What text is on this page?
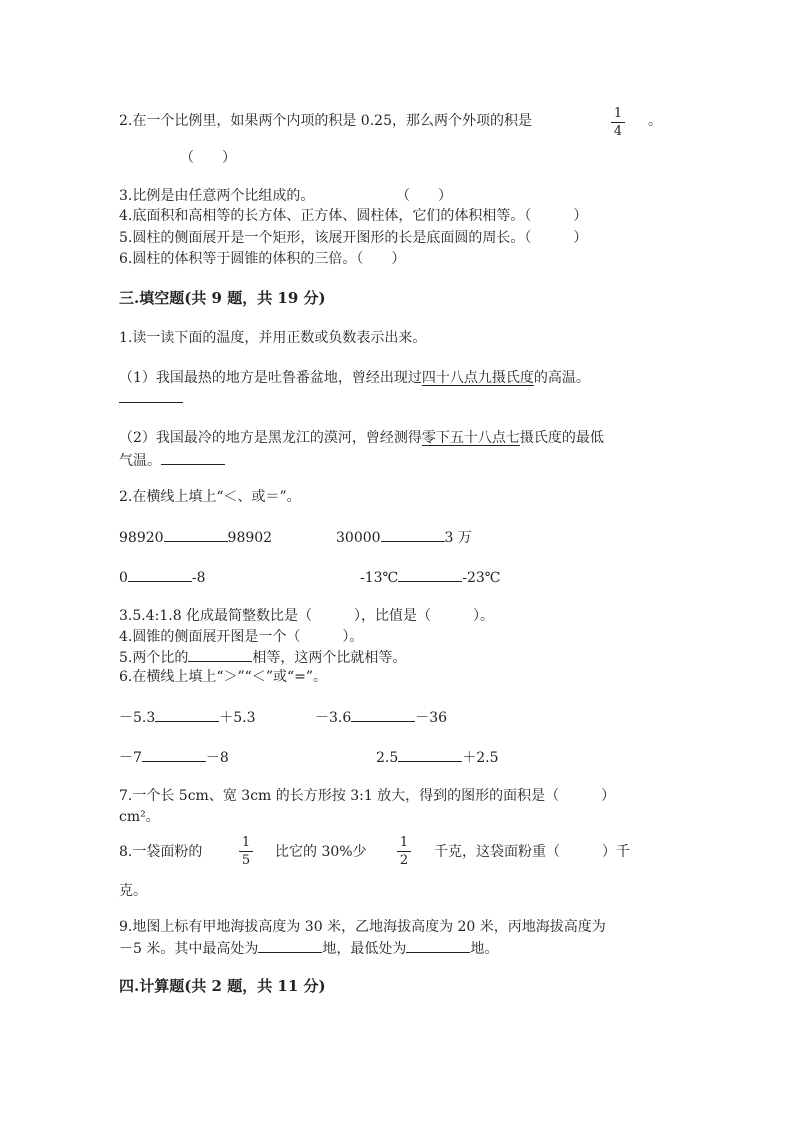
2.在一个比例里，如果两个内项的积是 0.25，那么两个外项的积是	1
4
。
（　　）
3.比例是由任意两个比组成的。	（　　）
4.底面积和高相等的长方体、正方体、圆柱体，它们的体积相等。（　　　）
5.圆柱的侧面展开是一个矩形，该展开图形的长是底面圆的周长。（　　　）
6.圆柱的体积等于圆锥的体积的三倍。（　　）
三.填空题(共 9 题，共 19 分)
1.读一读下面的温度，并用正数或负数表示出来。
（1）我国最热的地方是吐鲁番盆地，曾经出现过四十八点九摄氏度的高温。
（2）我国最冷的地方是黑龙江的漠河，曾经测得零下五十八点七摄氏度的最低
气温。
2.在横线上填上“＜、或＝”。
98920	98902	30000	3 万
0	-8	-13℃	-23℃
3.5.4:1.8 化成最简整数比是（　　　），比值是（　　　）。
4.圆锥的侧面展开图是一个（　　　）。
5.两个比的	相等，这两个比就相等。
6.在横线上填上“＞”“＜”或“=”。
－5.3	＋5.3	－3.6	－36
－7	－8	2.5	＋2.5
7.一个长 5cm、宽 3cm 的长方形按 3:1 放大，得到的图形的面积是（　　　）
cm²。
8.一袋面粉的
1
5
比它的 30%少
1
2
千克，这袋面粉重（　　　）千
克。
9.地图上标有甲地海拔高度为 30 米，乙地海拔高度为 20 米，丙地海拔高度为
－5 米。其中最高处为	地，最低处为	地。
四.计算题(共 2 题，共 11 分)
